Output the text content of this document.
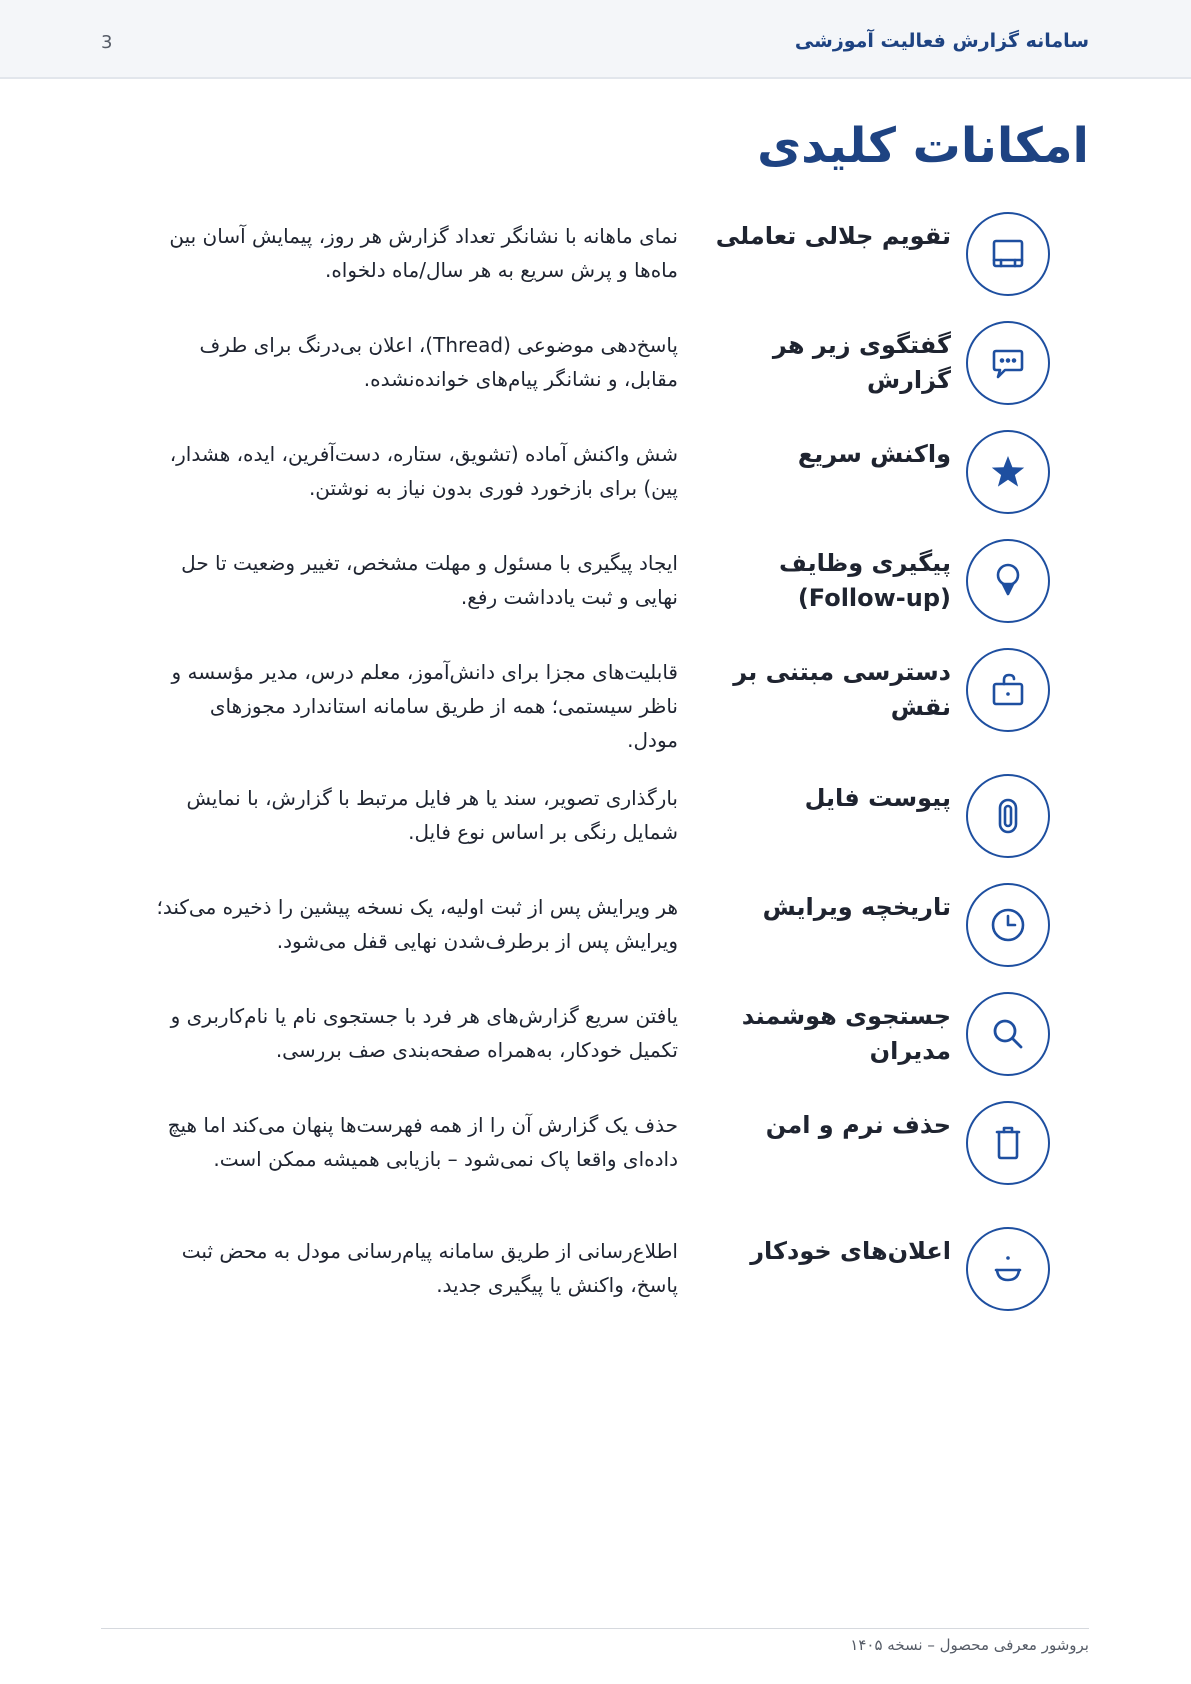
سامانه گزارش فعالیت آموزشی
3
امکانات کلیدی
تقویم جلالی تعاملی
نمای ماهانه با نشانگر تعداد گزارش هر روز، پیمایش آسان بین ماه‌ها و پرش سریع به هر سال/ماه دلخواه.
گفتگوی زیر هر گزارش
پاسخ‌دهی موضوعی (Thread)، اعلان بی‌درنگ برای طرف مقابل، و نشانگر پیام‌های خوانده‌نشده.
واکنش سریع
شش واکنش آماده (تشویق، ستاره، دست‌آفرین، ایده، هشدار، پین) برای بازخورد فوری بدون نیاز به نوشتن.
پیگیری وظایف (Follow-up)
ایجاد پیگیری با مسئول و مهلت مشخص، تغییر وضعیت تا حل نهایی و ثبت یادداشت رفع.
دسترسی مبتنی بر نقش
قابلیت‌های مجزا برای دانش‌آموز، معلم درس، مدیر مؤسسه و ناظر سیستمی؛ همه از طریق سامانه استاندارد مجوزهای مودل.
پیوست فایل
بارگذاری تصویر، سند یا هر فایل مرتبط با گزارش، با نمایش شمایل رنگی بر اساس نوع فایل.
تاریخچه ویرایش
هر ویرایش پس از ثبت اولیه، یک نسخه پیشین را ذخیره می‌کند؛ ویرایش پس از برطرف‌شدن نهایی قفل می‌شود.
جستجوی هوشمند مدیران
یافتن سریع گزارش‌های هر فرد با جستجوی نام یا نام‌کاربری و تکمیل خودکار، به‌همراه صفحه‌بندی صف بررسی.
حذف نرم و امن
حذف یک گزارش آن را از همه فهرست‌ها پنهان می‌کند اما هیچ داده‌ای واقعا پاک نمی‌شود – بازیابی همیشه ممکن است.
اعلان‌های خودکار
اطلاع‌رسانی از طریق سامانه پیام‌رسانی مودل به محض ثبت پاسخ، واکنش یا پیگیری جدید.
بروشور معرفی محصول – نسخه ۱۴۰۵
